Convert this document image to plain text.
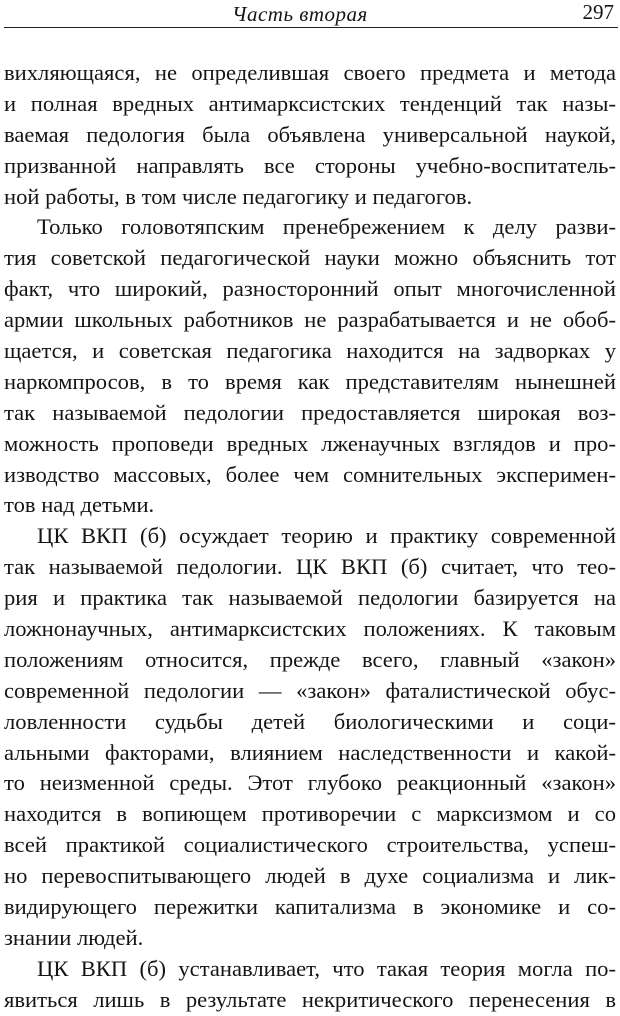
Часть вторая	297
вихляющаяся, не определившая своего предмета и метода
и полная вредных антимарксистских тенденций так назы-
ваемая педология была объявлена универсальной наукой,
призванной направлять все стороны учебно-воспитатель-
ной работы, в том числе педагогику и педагогов.
Только головотяпским пренебрежением к делу разви-
тия советской педагогической науки можно объяснить тот
факт, что широкий, разносторонний опыт многочисленной
армии школьных работников не разрабатывается и не обоб-
щается, и советская педагогика находится на задворках у
наркомпросов, в то время как представителям нынешней
так называемой педологии предоставляется широкая воз-
можность проповеди вредных лженаучных взглядов и про-
изводство массовых, более чем сомнительных эксперимен-
тов над детьми.
ЦК ВКП (б) осуждает теорию и практику современной
так называемой педологии. ЦК ВКП (б) считает, что тео-
рия и практика так называемой педологии базируется на
ложнонаучных, антимарксистских положениях. К таковым
положениям относится, прежде всего, главный «закон»
современной педологии — «закон» фаталистической обус-
ловленности судьбы детей биологическими и соци-
альными факторами, влиянием наследственности и какой-
то неизменной среды. Этот глубоко реакционный «закон»
находится в вопиющем противоречии с марксизмом и со
всей практикой социалистического строительства, успеш-
но перевоспитывающего людей в духе социализма и лик-
видирующего пережитки капитализма в экономике и со-
знании людей.
ЦК ВКП (б) устанавливает, что такая теория могла по-
явиться лишь в результате некритического перенесения в
